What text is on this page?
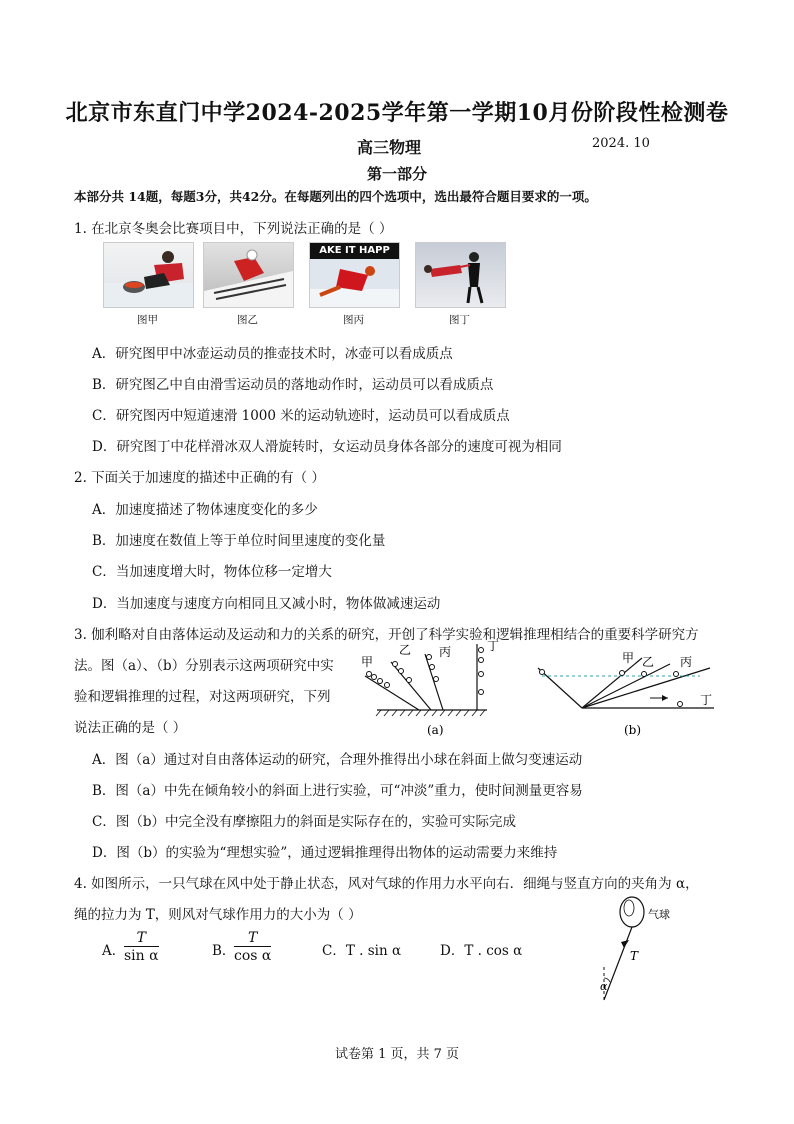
北京市东直门中学2024-2025学年第一学期10月份阶段性检测卷
高三物理	2024. 10
第一部分
本部分共 14题，每题3分，共42分。在每题列出的四个选项中，选出最符合题目要求的一项。
1. 在北京冬奥会比赛项目中，下列说法正确的是（ ）
AKE IT HAPP
图甲	图乙	图丙	图丁
A．研究图甲中冰壶运动员的推壶技术时，冰壶可以看成质点
B．研究图乙中自由滑雪运动员的落地动作时，运动员可以看成质点
C．研究图丙中短道速滑 1000 米的运动轨迹时，运动员可以看成质点
D．研究图丁中花样滑冰双人滑旋转时，女运动员身体各部分的速度可视为相同
2. 下面关于加速度的描述中正确的有（ ）
A．加速度描述了物体速度变化的多少
B．加速度在数值上等于单位时间里速度的变化量
C．当加速度增大时，物体位移一定增大
D．当加速度与速度方向相同且又减小时，物体做减速运动
3. 伽利略对自由落体运动及运动和力的关系的研究，开创了科学实验和逻辑推理相结合的重要科学研究方
法。图（a）、（b）分别表示这两项研究中实
验和逻辑推理的过程，对这两项研究，下列
说法正确的是（ ）
甲
乙 丙	丁
(a)
甲 乙 丙
丁
(b)
A．图（a）通过对自由落体运动的研究，合理外推得出小球在斜面上做匀变速运动
B．图（a）中先在倾角较小的斜面上进行实验，可“冲淡”重力，使时间测量更容易
C．图（b）中完全没有摩擦阻力的斜面是实际存在的，实验可实际完成
D．图（b）的实验为“理想实验”，通过逻辑推理得出物体的运动需要力来维持
4. 如图所示，一只气球在风中处于静止状态，风对气球的作用力水平向右．细绳与竖直方向的夹角为 α，
绳的拉力为 T，则风对气球作用力的大小为（ ）
A．
$\frac{T}{\text{sin α}}$	B．
$\frac{T}{\text{cos α}}$	C．T . sin α	D．T . cos α
气球
T
α
试卷第 1 页，共 7 页
